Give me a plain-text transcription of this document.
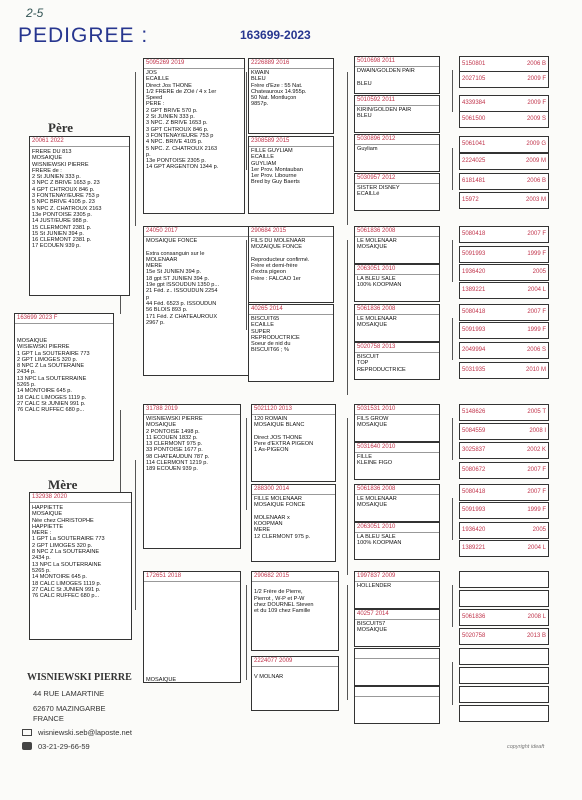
2-5
PEDIGREE :	163699-2023
Père
Mère
163699 2023 F
MOSAIQUE
WISIEWSKI PIERRE
1 GPT La SOUTERAIRE 773
2 GPT LIMOGES 320 p.
8 NPC Z La SOUTERAINE
2434 p.
13 NPC La SOUTERRAINE
5265 p.
14 MONTOIRE 645 p.
18 CALC LIMOGES 1119 p.
27 CALC St JUNIEN 991 p.
76 CALC RUFFEC 680 p...
20061 2022
FRERE DU 813
MOSAIQUE
WISNIEWSKI PIERRE
FRERE de :
2 St JUNIEN 333 p.
3 NPC Z BRIVE 1653 p. 23
4 GPT CHTROUX 846 p.
3 FONTENAY/EURE 753 p
5 NPC BRIVE 4105 p. 23
5 NPC Z. CHATROUX 2163
13e PONTOISE 2305 p.
14 JUST/EURE 988 p.
15 CLERMONT 2381 p.
15 St JUNIEN 394 p.
16 CLERMONT 2381 p.
17 ECOUEN 939 p.
132938 2020
HAPPIETTE
MOSAIQUE
Née chez CHRISTOPHE
HAPPIETTE
MERE :
1 GPT La SOUTERAIRE 773
2 GPT LIMOGES 320 p.
8 NPC Z La SOUTERAINE
2434 p.
13 NPC La SOUTERRAINE
5265 p.
14 MONTOIRE 645 p.
18 CALC LIMOGES 1119 p.
27 CALC St JUNIEN 991 p.
76 CALC RUFFEC 680 p...
5095269 2019
JOS
ECAILLE
Direct Jos THONE
1/2 FRERE de ZOé / 4 x 1er
Speed
PERE :
2 GPT BRIVE 570 p.
2 St JUNIEN 333 p.
3 NPC. Z BRIVE 1653 p.
3 GPT CHTROUX 846 p.
3 FONTENAY/EURE 753 p
4 NPC. BRIVE 4105 p.
5 NPC. Z. CHATROUX 2163
p.
13e PONTOISE 2305 p.
14 GPT ARGENTON 1344 p.
24050 2017
MOSAIQUE FONCE

Extra consanguin sur le
MOLENAAR
MERE
15e St JUNIEN 394 p.
18 gpt ST JUNIEN 394 p.
19e gpt ISSOUDUN 1350 p...
21 Féd. z.. ISSOUDUN 2254
p
44 Féd. 6523 p. ISSOUDUN
56 BLOIS 893 p.
171 Féd. Z CHATEAUROUX
2967 p.
31788 2019
WISNIEWSKI PIERRE
MOSAIQUE
2 PONTOISE 1498 p.
11 ECOUEN 1832 p.
13 CLERMONT 975 p.
33 PONTOISE 1677 p.
98 CHATEAUDUN 787 p.
114 CLERMONT 1219 p.
189 ECOUEN 939 p.
172651 2018

MOSAIQUE
2226889 2016
KWAIN
BLEU
Frère d'Eze : 55 Nat.
Chateauroux 14.955p.
50 Nat. Montluçon
9857p.
2308589 2015
FILLE GUYLIAM
ECAILLE
GUYLIAM
1er Prov. Montauban
1er Prov. Libourne
Bred by Guy Baerts
290684 2015
FILS DU MOLENAAR
MOZAIQUE FONCE

Reproducteur confirmé.
Frère et demi-frère
d'extra pigeon
Frère : FALCAO 1er
40265 2014
BISCUIT65
ECAILLE
SUPER
REPRODUCTRICE
Soeur de nid du
BISCUIT66 ; %
5021120 2013
120 ROMAIN
MOSAIQUE BLANC

Direct JOS THONE
Pere d'EXTRA PIGEON
1 As-PIGEON
288300 2014
FILLE MOLENAAR
MOSAIQUE FONCE

MOLENAAR x
KOOPMAN
MERE
12 CLERMONT 975 p.
290682 2015

1/2 Frère de Pierre,
Pierrot , W-P et P-W
chez DOURNEL Steven
et du 109 chez Famille
2224077 2009

V MOLNAR
5010698 2011
DWAIN/GOLDEN PAIR

BLEU
5010592 2011
KIRIN/GOLDEN PAIR
BLEU
5030896 2012
Guyliam
5030957 2012
SISTER DISNEY
ECAILLé
5061836 2008
LE MOLENAAR
MOSAIQUE
2063051 2010
LA BLEU SALE
100% KOOPMAN
5061836 2008
LE MOLENAAR
MOSAIQUE
5020758 2013
BISCUIT
TOP
REPRODUCTRICE
5031531 2010
FILS GROW
MOSAIQUE
5031640 2010
FILLE
KLEINE FIGO
5061836 2008
LE MOLENAAR
MOSAIQUE
2063051 2010
LA BLEU SALE
100% KOOPMAN
1997837 2009
HOLLENDER
40257 2014
BISCUIT57
MOSAIQUE
5150801	2006 B
2027105	2009 F
4339384	2009 F
5061500	2009 S
5061041	2009 G
2224025	2009 M
6181481	2006 B
15972	2003 M
5080418	2007 F
5091993	1999 F
1936420	2005
1389221	2004 L
5080418	2007 F
5091993	1999 F
2049994	2006 S
5031935	2010 M
5148626	2005 T
5084559	2008 I
3025837	2002 K
5080672	2007 F
5080418	2007 F
5091993	1999 F
1936420	2005
1389221	2004 L
5061836	2008 L
5020758	2013 B
WISNIEWSKI PIERRE
44 RUE LAMARTINE
62670 MAZINGARBE
FRANCE
wisniewski.seb@laposte.net
03-21-29-66-59	copyright ideaft
